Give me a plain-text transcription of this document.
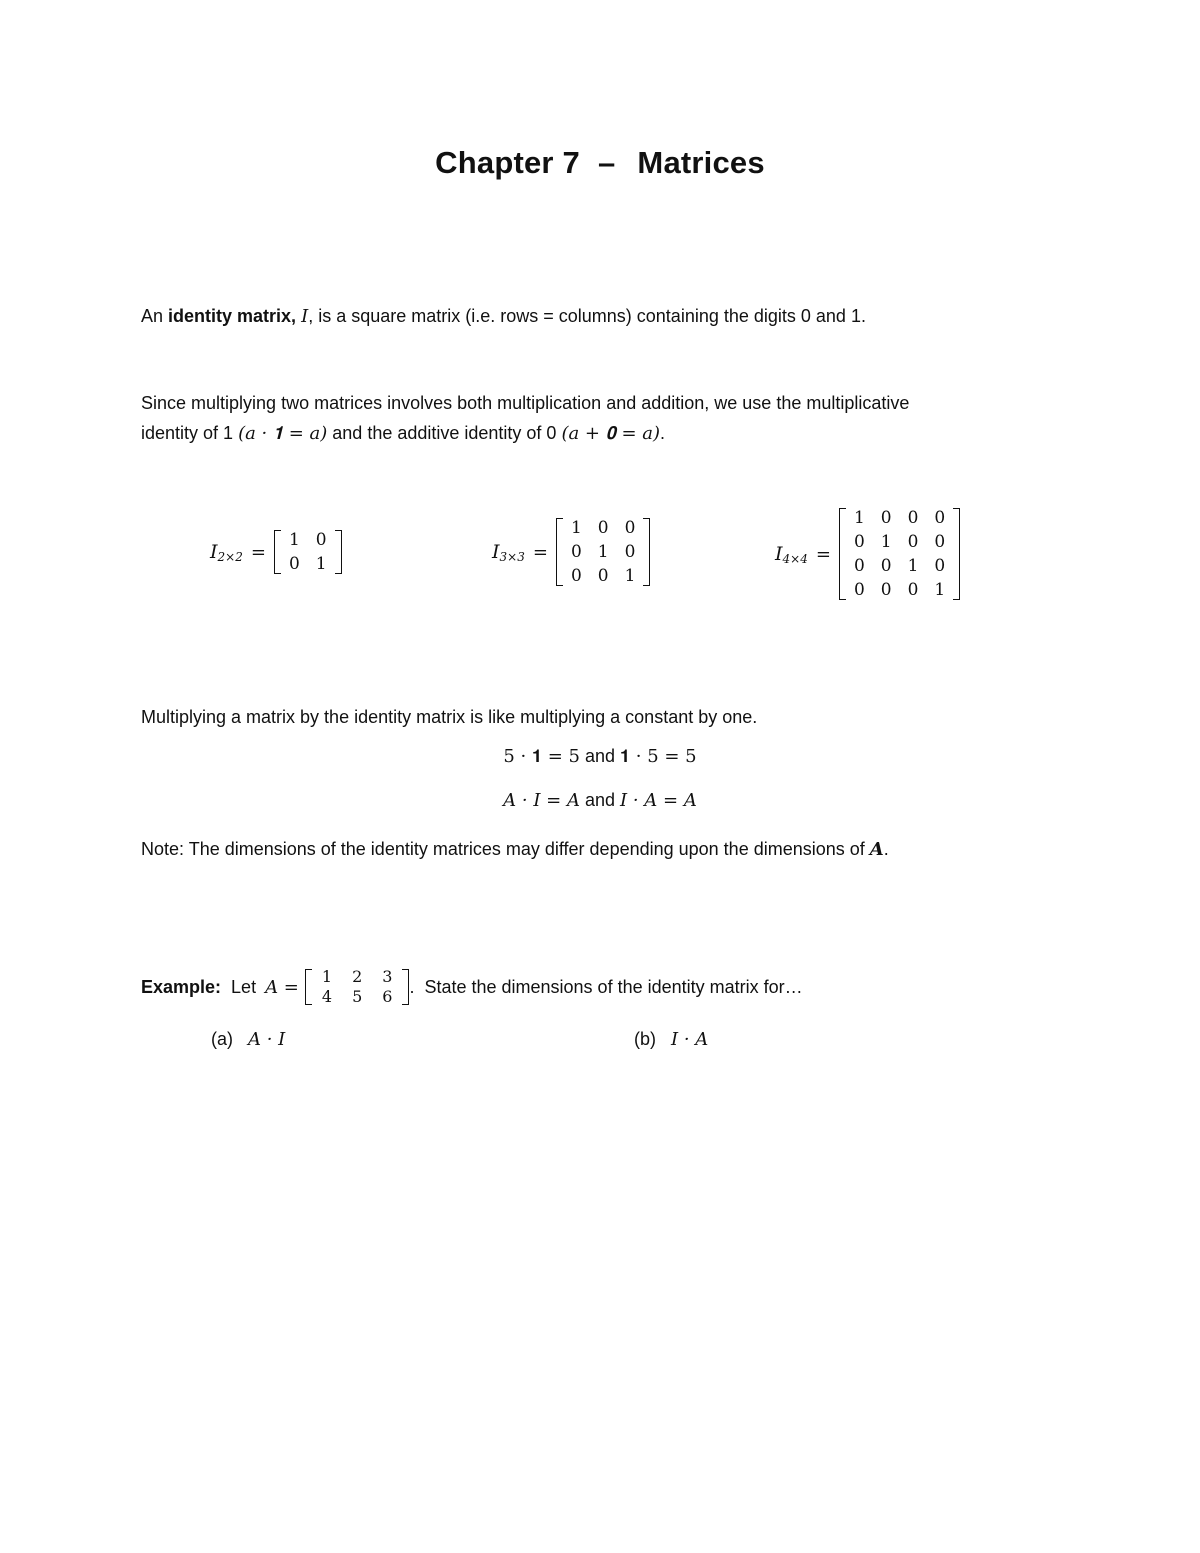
Chapter 7 – Matrices
An identity matrix, I, is a square matrix (i.e. rows = columns) containing the digits 0 and 1.
Since multiplying two matrices involves both multiplication and addition, we use the multiplicative
identity of 1 (a · 𝟏 = a) and the additive identity of 0 (a + 𝟎 = a).
$I_{2\times 2}$ =
1	0
0	1
$I_{3\times 3}$ =
1	0	0
0	1	0
0	0	1
$I_{4\times 4}$ =
1	0	0	0
0	1	0	0
0	0	1	0
0	0	0	1
Multiplying a matrix by the identity matrix is like multiplying a constant by one.
5 · 𝟏 = 5 and 𝟏 · 5 = 5
A · I = A and I · A = A
Note: The dimensions of the identity matrices may differ depending upon the dimensions of A.
Example: Let A = 1	2	3
4	5	6 .  State the dimensions of the identity matrix for…
(a) A · I	(b) I · A
